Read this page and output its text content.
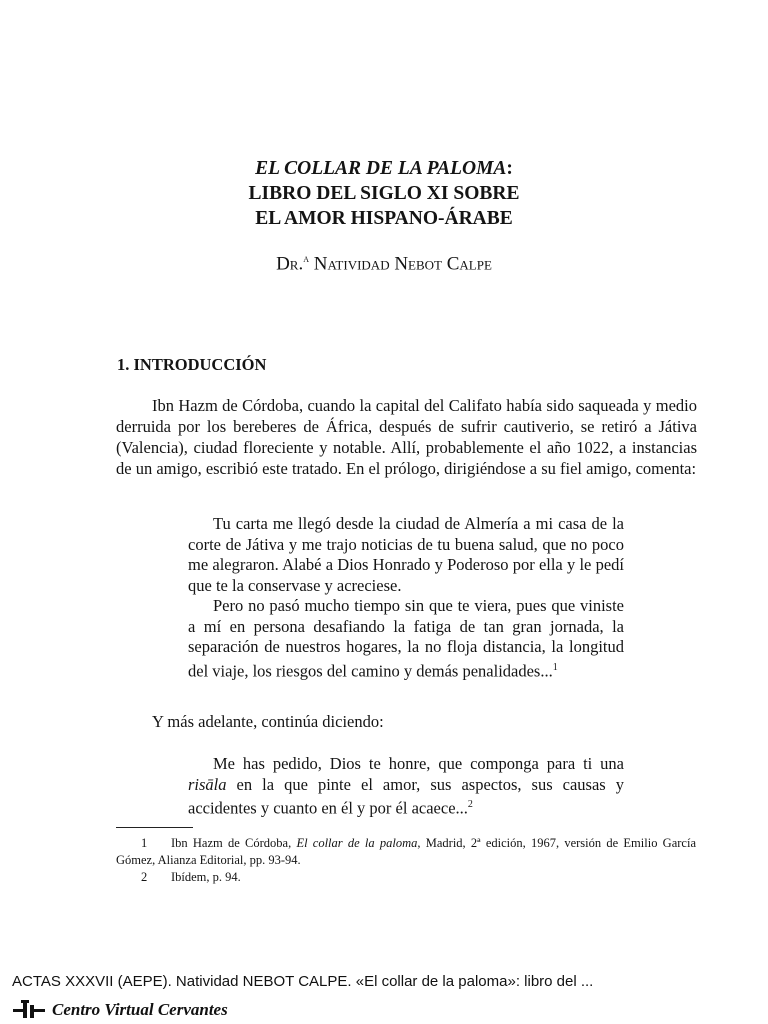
EL COLLAR DE LA PALOMA:
LIBRO DEL SIGLO XI SOBRE
EL AMOR HISPANO-ÁRABE
Dr.$^a$ Natividad Nebot Calpe
1. INTRODUCCIÓN

Ibn Hazm de Córdoba, cuando la capital del Califato había sido saqueada y medio derruida por los bereberes de África, después de sufrir cautiverio, se retiró a Játiva (Valencia), ciudad floreciente y notable. Allí, probablemente el año 1022, a instancias de un amigo, escribió este tratado. En el prólogo, dirigiéndose a su fiel amigo, comenta:

Tu carta me llegó desde la ciudad de Almería a mi casa de la corte de Játiva y me trajo noticias de tu buena salud, que no poco me alegraron. Alabé a Dios Honrado y Poderoso por ella y le pedí que te la conservase y acreciese.

Pero no pasó mucho tiempo sin que te viera, pues que viniste a mí en persona desafiando la fatiga de tan gran jornada, la separación de nuestros hogares, la no floja distancia, la longitud del viaje, los riesgos del camino y demás penalidades...$^1$

Y más adelante, continúa diciendo:

Me has pedido, Dios te honre, que componga para ti una risāla en la que pinte el amor, sus aspectos, sus causas y accidentes y cuanto en él y por él acaece...$^2$

1 Ibn Hazm de Córdoba, El collar de la paloma, Madrid, 2ª edición, 1967, versión de Emilio García Gómez, Alianza Editorial, pp. 93-94.

2 Ibídem, p. 94.

ACTAS XXXVII (AEPE). Natividad NEBOT CALPE. «El collar de la paloma»: libro del ...
Centro Virtual Cervantes
